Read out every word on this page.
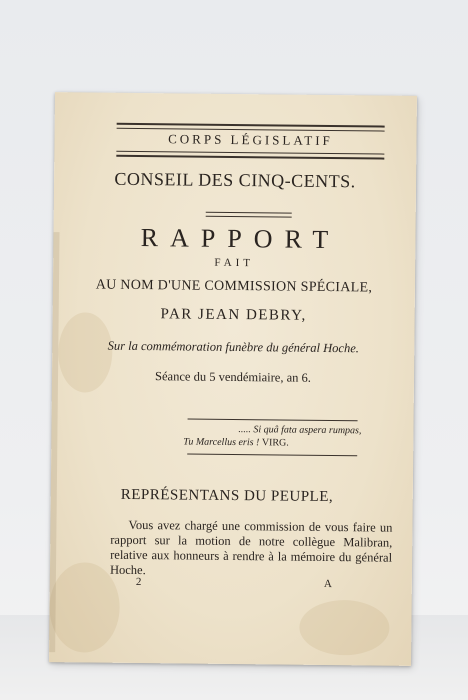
CORPS LÉGISLATIF
CONSEIL DES CINQ-CENTS.
RAPPORT
FAIT
AU NOM D'UNE COMMISSION SPÉCIALE,
PAR JEAN DEBRY,
Sur la commémoration funèbre du général Hoche.
Séance du 5 vendémiaire, an 6.
..... Si quâ fata aspera rumpas,
Tu Marcellus eris ! VIRG.
REPRÉSENTANS DU PEUPLE,
Vous avez chargé une commission de vous faire un rapport sur la motion de notre collègue Malibran, relative aux honneurs à rendre à la mémoire du général Hoche.
2	A
